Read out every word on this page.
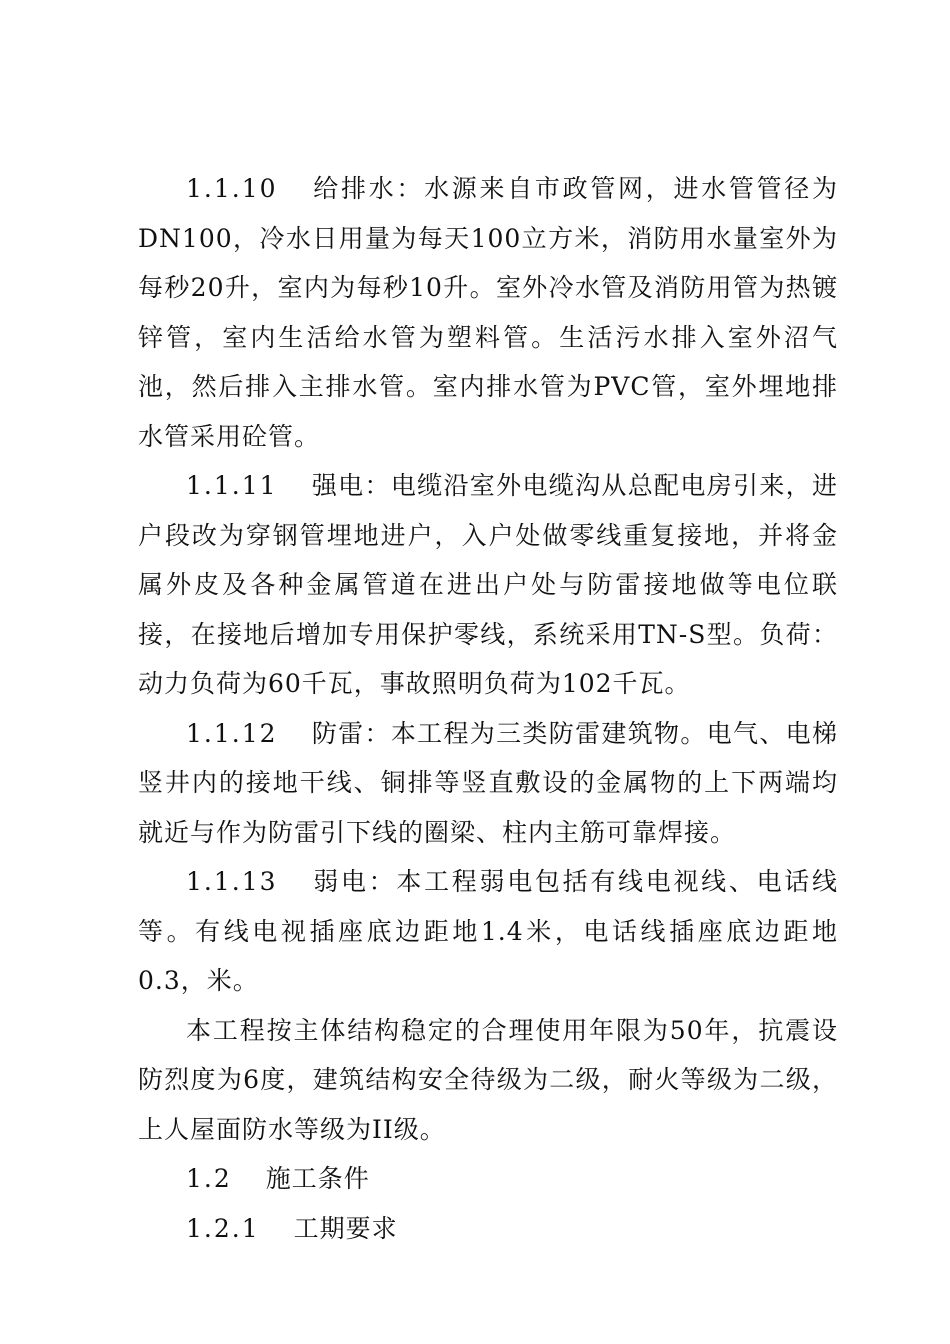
1.1.10 给排水：水源来自市政管网，进水管管径为DN100，冷水日用量为每天100立方米，消防用水量室外为每秒20升，室内为每秒10升。室外冷水管及消防用管为热镀锌管，室内生活给水管为塑料管。生活污水排入室外沼气池，然后排入主排水管。室内排水管为PVC管，室外埋地排水管采用砼管。

1.1.11 强电：电缆沿室外电缆沟从总配电房引来，进户段改为穿钢管埋地进户，入户处做零线重复接地，并将金属外皮及各种金属管道在进出户处与防雷接地做等电位联接，在接地后增加专用保护零线，系统采用TN-S型。负荷：动力负荷为60千瓦，事故照明负荷为102千瓦。

1.1.12 防雷：本工程为三类防雷建筑物。电气、电梯竖井内的接地干线、铜排等竖直敷设的金属物的上下两端均就近与作为防雷引下线的圈梁、柱内主筋可靠焊接。

1.1.13 弱电：本工程弱电包括有线电视线、电话线等。有线电视插座底边距地1.4米，电话线插座底边距地0.3，米。

本工程按主体结构稳定的合理使用年限为50年，抗震设防烈度为6度，建筑结构安全待级为二级，耐火等级为二级，上人屋面防水等级为II级。

1.2 施工条件

1.2.1 工期要求
